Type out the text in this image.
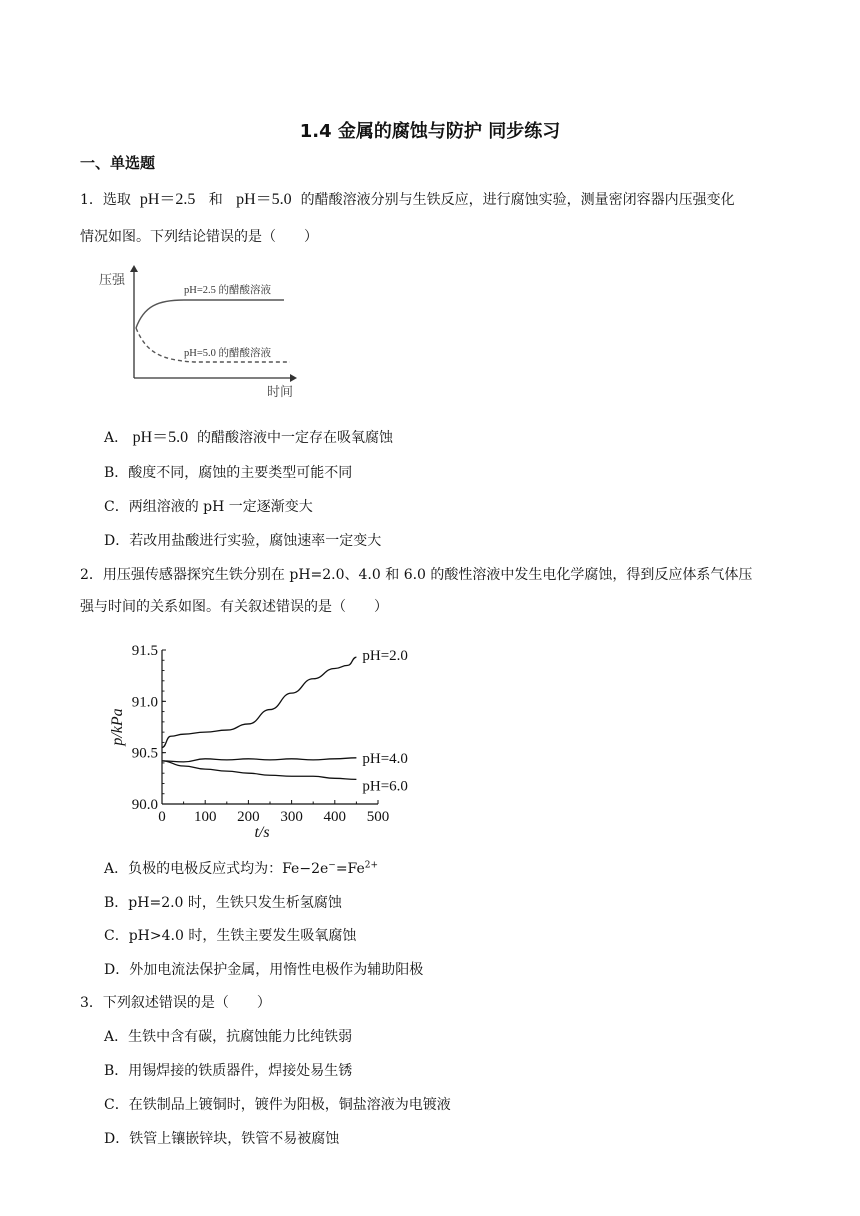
1.4 金属的腐蚀与防护 同步练习
一、单选题
1．选取 pH＝2.5 和 pH＝5.0 的醋酸溶液分别与生铁反应，进行腐蚀实验，测量密闭容器内压强变化
情况如图。下列结论错误的是（　　）
压强
时间
pH=2.5 的醋酸溶液
pH=5.0 的醋酸溶液
A． pH＝5.0 的醋酸溶液中一定存在吸氧腐蚀
B．酸度不同，腐蚀的主要类型可能不同
C．两组溶液的 pH 一定逐渐变大
D．若改用盐酸进行实验，腐蚀速率一定变大
2．用压强传感器探究生铁分别在 pH=2.0、4.0 和 6.0 的酸性溶液中发生电化学腐蚀，得到反应体系气体压
强与时间的关系如图。有关叙述错误的是（　　）
0 100 200 300 400 500
90.0
90.5
91.0
91.5
p/kPa
t/s
pH=2.0
pH=4.0
pH=6.0
A．负极的电极反应式均为：$Fe-2e^-=Fe^{2+}$
B．pH=2.0 时，生铁只发生析氢腐蚀
C．pH>4.0 时，生铁主要发生吸氧腐蚀
D．外加电流法保护金属，用惰性电极作为辅助阳极
3．下列叙述错误的是（　　）
A．生铁中含有碳，抗腐蚀能力比纯铁弱
B．用锡焊接的铁质器件，焊接处易生锈
C．在铁制品上镀铜时，镀件为阳极，铜盐溶液为电镀液
D．铁管上镶嵌锌块，铁管不易被腐蚀
